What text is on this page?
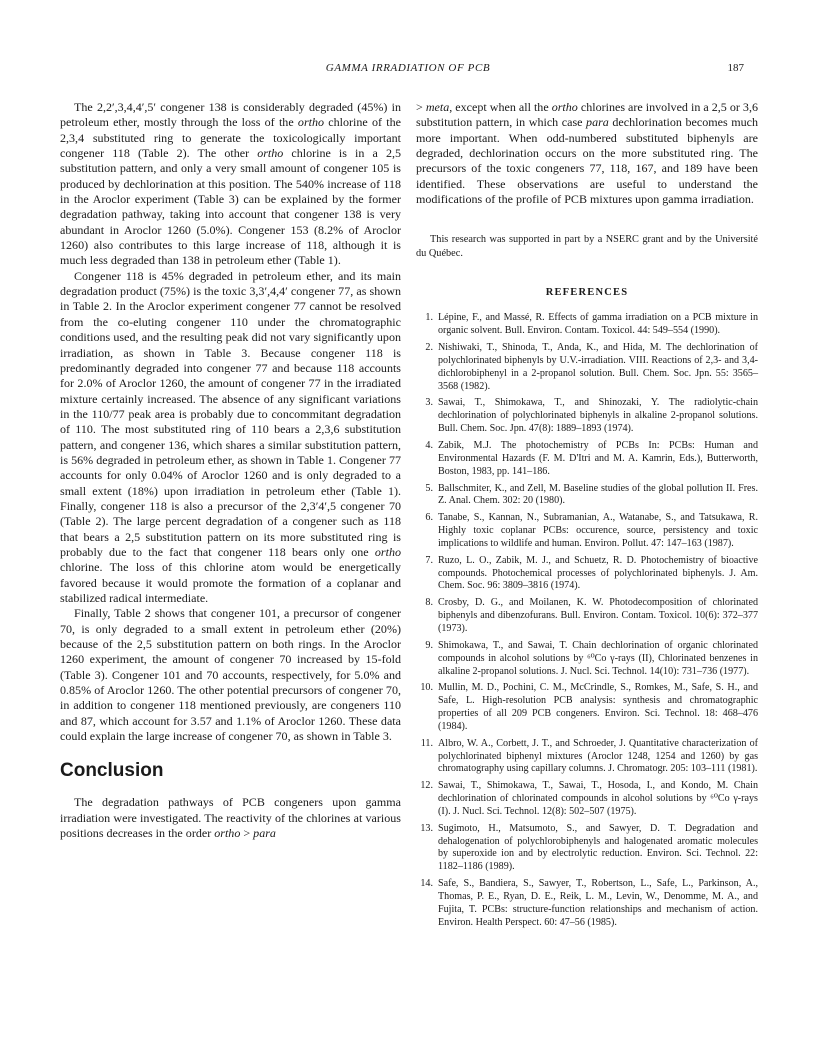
GAMMA IRRADIATION OF PCB	187

The 2,2′,3,4,4′,5′ congener 138 is considerably degraded (45%) in petroleum ether, mostly through the loss of the ortho chlorine of the 2,3,4 substituted ring to generate the toxicologically important congener 118 (Table 2). The other ortho chlorine is in a 2,5 substitution pattern, and only a very small amount of congener 105 is produced by dechlorination at this position. The 540% increase of 118 in the Aroclor experiment (Table 3) can be explained by the former degradation pathway, taking into account that congener 138 is very abundant in Aroclor 1260 (5.0%). Congener 153 (8.2% of Aroclor 1260) also contributes to this large increase of 118, although it is much less degraded than 138 in petroleum ether (Table 1).

Congener 118 is 45% degraded in petroleum ether, and its main degradation product (75%) is the toxic 3,3′,4,4′ congener 77, as shown in Table 2. In the Aroclor experiment congener 77 cannot be resolved from the co-eluting congener 110 under the chromatographic conditions used, and the resulting peak did not vary significantly upon irradiation, as shown in Table 3. Because congener 118 is predominantly degraded into congener 77 and because 118 accounts for 2.0% of Aroclor 1260, the amount of congener 77 in the irradiated mixture certainly increased. The absence of any significant variations in the 110/77 peak area is probably due to concommitant degradation of 110. The most substituted ring of 110 bears a 2,3,6 substitution pattern, and congener 136, which shares a similar substitution pattern, is 56% degraded in petroleum ether, as shown in Table 1. Congener 77 accounts for only 0.04% of Aroclor 1260 and is only degraded to a small extent (18%) upon irradiation in petroleum ether (Table 1). Finally, congener 118 is also a precursor of the 2,3′4′,5 congener 70 (Table 2). The large percent degradation of a congener such as 118 that bears a 2,5 substitution pattern on its more substituted ring is probably due to the fact that congener 118 bears only one ortho chlorine. The loss of this chlorine atom would be energetically favored because it would promote the formation of a coplanar and stabilized radical intermediate.

Finally, Table 2 shows that congener 101, a precursor of congener 70, is only degraded to a small extent in petroleum ether (20%) because of the 2,5 substitution pattern on both rings. In the Aroclor 1260 experiment, the amount of congener 70 increased by 15-fold (Table 3). Congener 101 and 70 accounts, respectively, for 5.0% and 0.85% of Aroclor 1260. The other potential precursors of congener 70, in addition to congener 118 mentioned previously, are congeners 110 and 87, which account for 3.57 and 1.1% of Aroclor 1260. These data could explain the large increase of congener 70, as shown in Table 3.

Conclusion

The degradation pathways of PCB congeners upon gamma irradiation were investigated. The reactivity of the chlorines at various positions decreases in the order ortho > para

> meta, except when all the ortho chlorines are involved in a 2,5 or 3,6 substitution pattern, in which case para dechlorination becomes much more important. When odd-numbered substituted biphenyls are degraded, dechlorination occurs on the more substituted ring. The precursors of the toxic congeners 77, 118, 167, and 189 have been identified. These observations are useful to understand the modifications of the profile of PCB mixtures upon gamma irradiation.

This research was supported in part by a NSERC grant and by the Université du Québec.

REFERENCES
1. Lépine, F., and Massé, R. Effects of gamma irradiation on a PCB mixture in organic solvent. Bull. Environ. Contam. Toxicol. 44: 549–554 (1990).
2. Nishiwaki, T., Shinoda, T., Anda, K., and Hida, M. The dechlorination of polychlorinated biphenyls by U.V.-irradiation. VIII. Reactions of 2,3- and 3,4-dichlorobiphenyl in a 2-propanol solution. Bull. Chem. Soc. Jpn. 55: 3565–3568 (1982).
3. Sawai, T., Shimokawa, T., and Shinozaki, Y. The radiolytic-chain dechlorination of polychlorinated biphenyls in alkaline 2-propanol solutions. Bull. Chem. Soc. Jpn. 47(8): 1889–1893 (1974).
4. Zabik, M.J. The photochemistry of PCBs In: PCBs: Human and Environmental Hazards (F. M. D'Itri and M. A. Kamrin, Eds.), Butterworth, Boston, 1983, pp. 141–186.
5. Ballschmiter, K., and Zell, M. Baseline studies of the global pollution II. Fres. Z. Anal. Chem. 302: 20 (1980).
6. Tanabe, S., Kannan, N., Subramanian, A., Watanabe, S., and Tatsukawa, R. Highly toxic coplanar PCBs: occurence, source, persistency and toxic implications to wildlife and human. Environ. Pollut. 47: 147–163 (1987).
7. Ruzo, L. O., Zabik, M. J., and Schuetz, R. D. Photochemistry of bioactive compounds. Photochemical processes of polychlorinated biphenyls. J. Am. Chem. Soc. 96: 3809–3816 (1974).
8. Crosby, D. G., and Moilanen, K. W. Photodecomposition of chlorinated biphenyls and dibenzofurans. Bull. Environ. Contam. Toxicol. 10(6): 372–377 (1973).
9. Shimokawa, T., and Sawai, T. Chain dechlorination of organic chlorinated compounds in alcohol solutions by ⁶⁰Co γ-rays (II), Chlorinated benzenes in alkaline 2-propanol solutions. J. Nucl. Sci. Technol. 14(10): 731–736 (1977).
10. Mullin, M. D., Pochini, C. M., McCrindle, S., Romkes, M., Safe, S. H., and Safe, L. High-resolution PCB analysis: synthesis and chromatographic properties of all 209 PCB congeners. Environ. Sci. Technol. 18: 468–476 (1984).
11. Albro, W. A., Corbett, J. T., and Schroeder, J. Quantitative characterization of polychlorinated biphenyl mixtures (Aroclor 1248, 1254 and 1260) by gas chromatography using capillary columns. J. Chromatogr. 205: 103–111 (1981).
12. Sawai, T., Shimokawa, T., Sawai, T., Hosoda, I., and Kondo, M. Chain dechlorination of chlorinated compounds in alcohol solutions by ⁶⁰Co γ-rays (I). J. Nucl. Sci. Technol. 12(8): 502–507 (1975).
13. Sugimoto, H., Matsumoto, S., and Sawyer, D. T. Degradation and dehalogenation of polychlorobiphenyls and halogenated aromatic molecules by superoxide ion and by electrolytic reduction. Environ. Sci. Technol. 22: 1182–1186 (1989).
14. Safe, S., Bandiera, S., Sawyer, T., Robertson, L., Safe, L., Parkinson, A., Thomas, P. E., Ryan, D. E., Reik, L. M., Levin, W., Denomme, M. A., and Fujita, T. PCBs: structure-function relationships and mechanism of action. Environ. Health Perspect. 60: 47–56 (1985).
